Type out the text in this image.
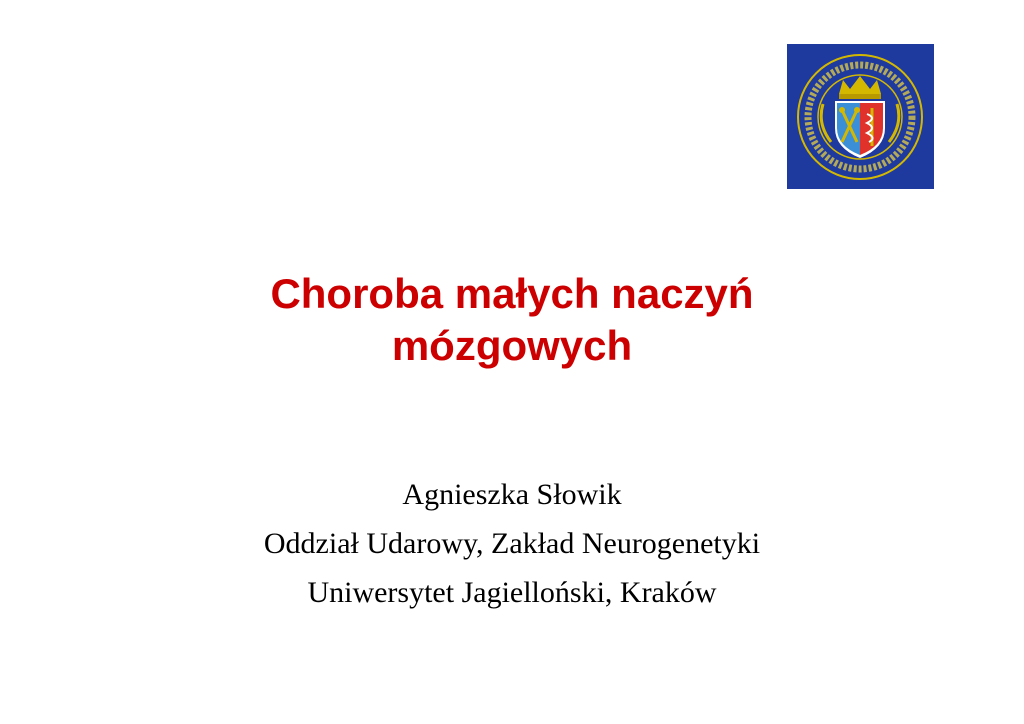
Choroba małych naczyń
mózgowych
Agnieszka Słowik
Oddział Udarowy, Zakład Neurogenetyki
Uniwersytet Jagielloński, Kraków
